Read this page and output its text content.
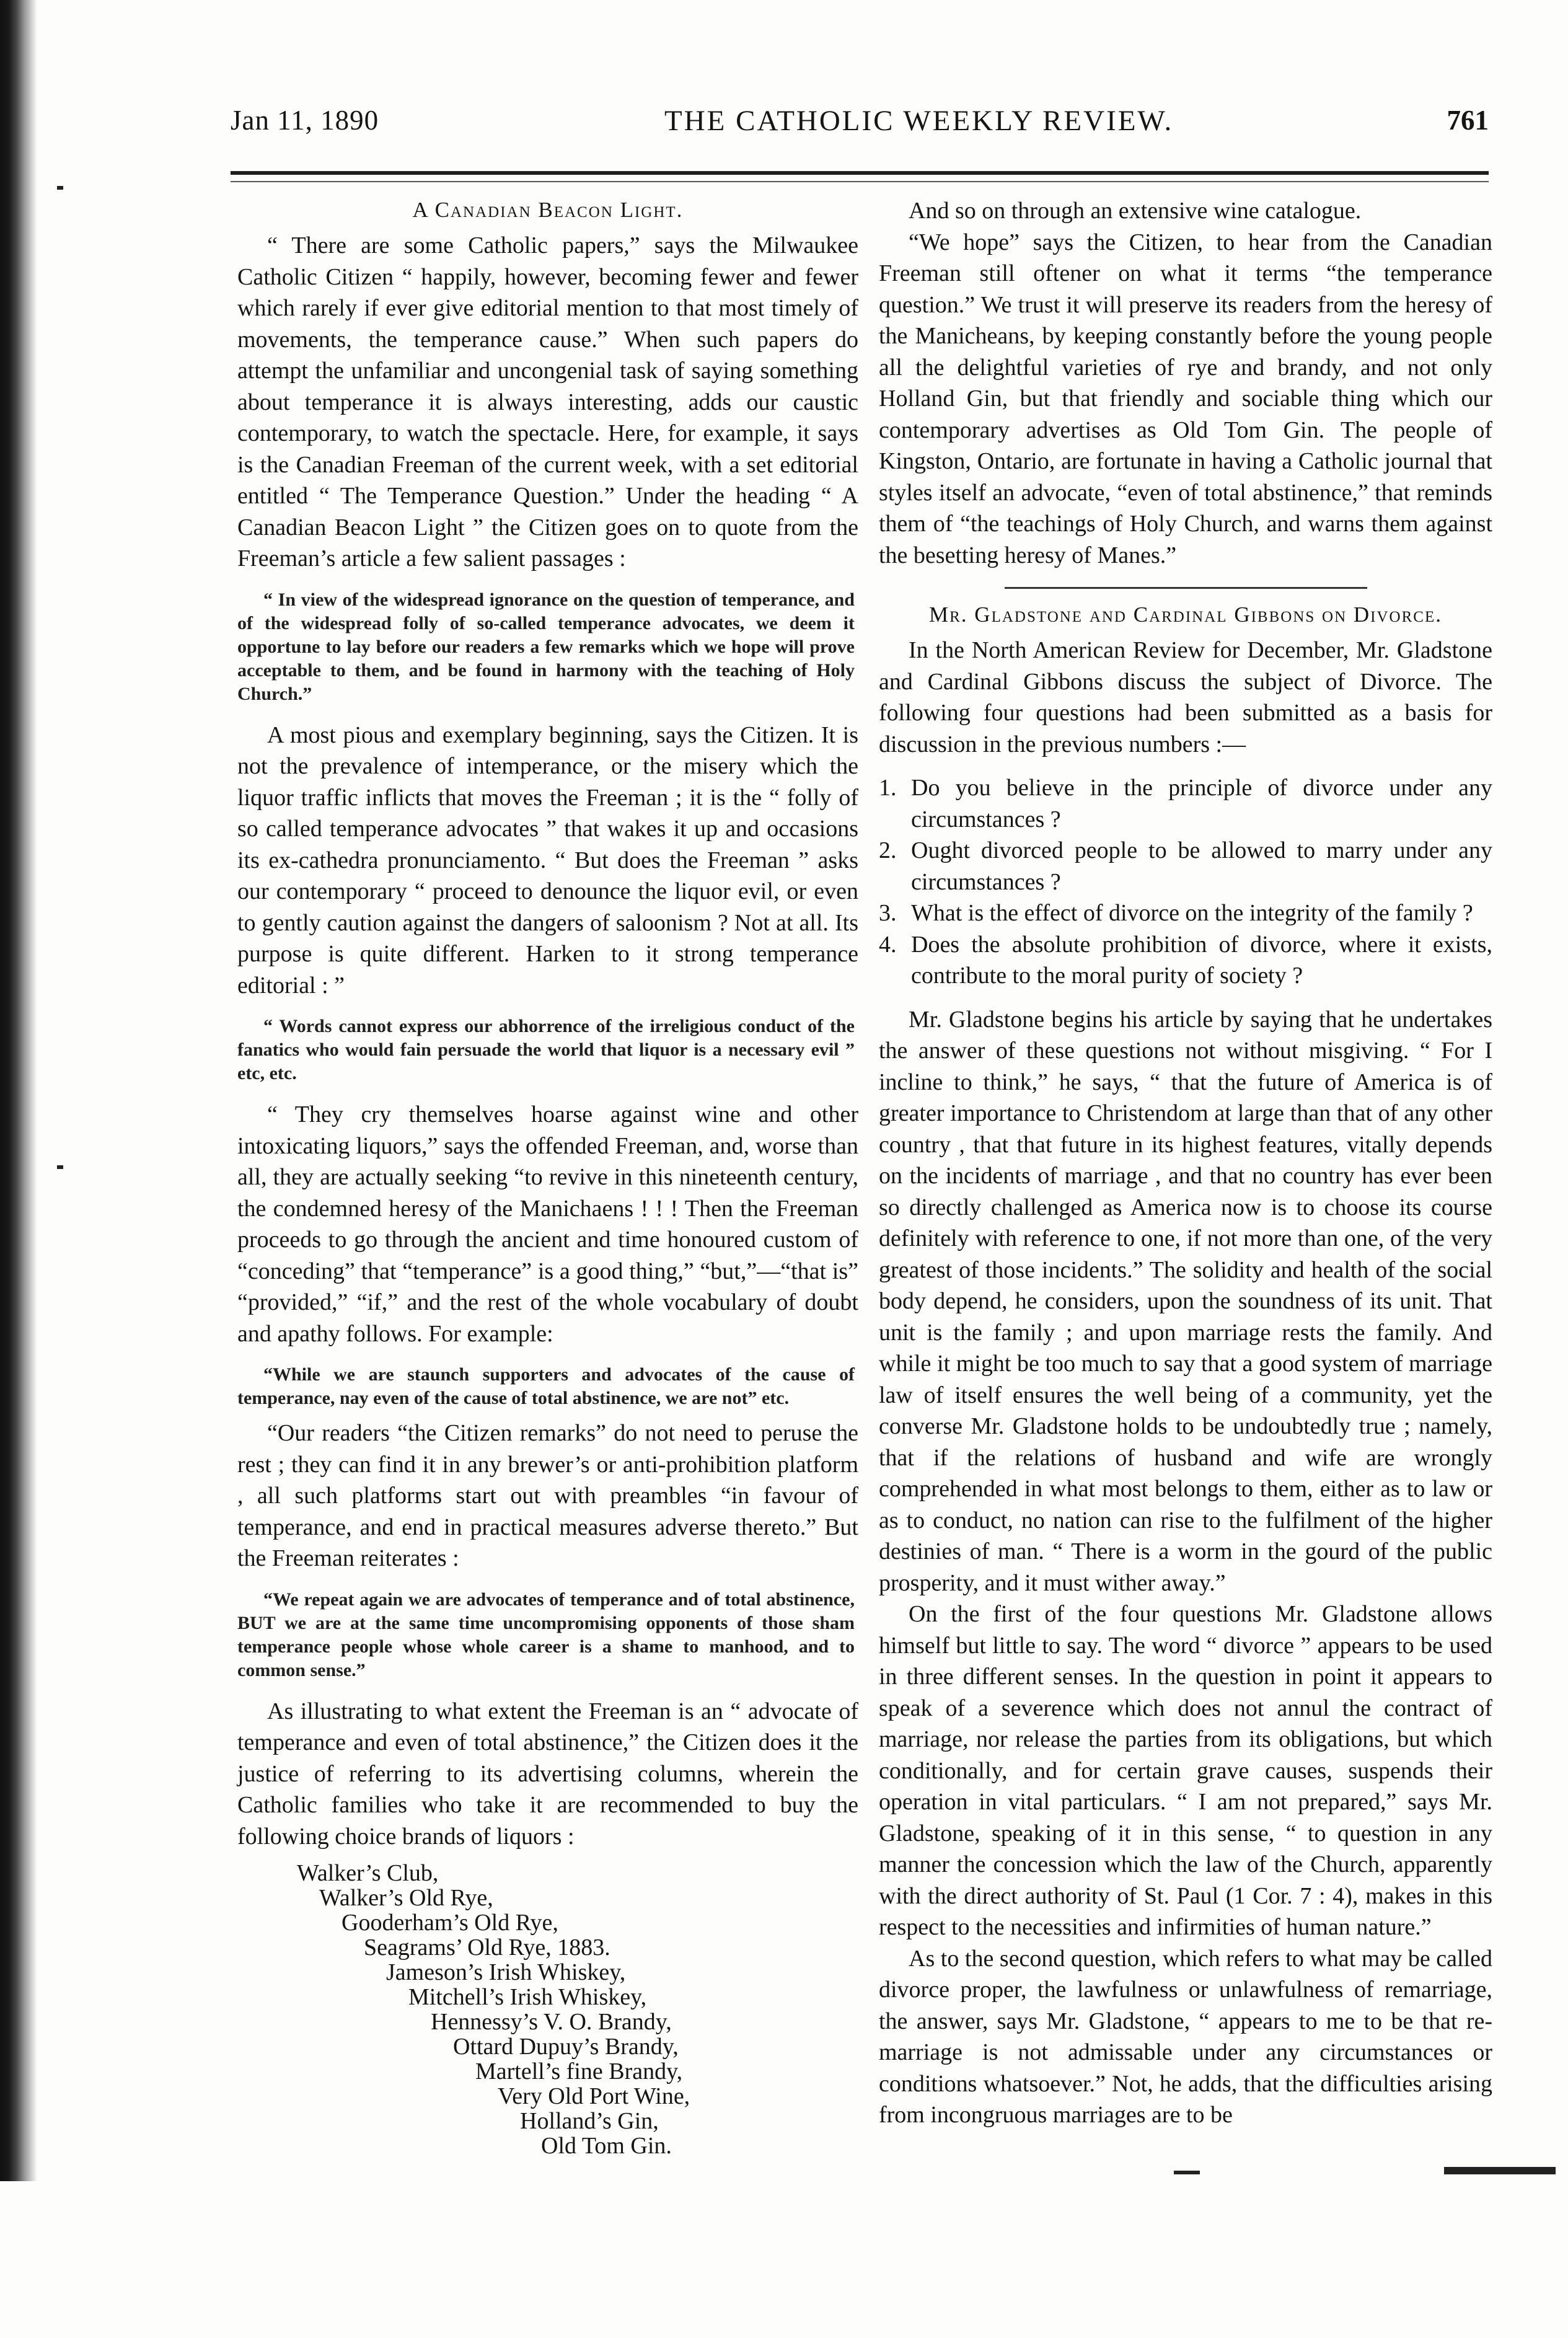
Jan 11, 1890	THE CATHOLIC WEEKLY REVIEW.	761

A Canadian Beacon Light.

“ There are some Catholic papers,” says the Milwaukee Catholic Citizen “ happily, however, becoming fewer and fewer which rarely if ever give editorial mention to that most timely of movements, the temperance cause.” When such papers do attempt the unfamiliar and uncongenial task of saying something about temperance it is always interesting, adds our caustic contemporary, to watch the spectacle. Here, for example, it says is the Canadian Freeman of the current week, with a set editorial entitled “ The Temperance Question.” Under the heading “ A Canadian Beacon Light ” the Citizen goes on to quote from the Freeman’s article a few salient passages :

“ In view of the widespread ignorance on the question of temperance, and of the widespread folly of so-called temperance advocates, we deem it opportune to lay before our readers a few remarks which we hope will prove acceptable to them, and be found in harmony with the teaching of Holy Church.”

A most pious and exemplary beginning, says the Citizen. It is not the prevalence of intemperance, or the misery which the liquor traffic inflicts that moves the Freeman ; it is the “ folly of so called temperance advocates ” that wakes it up and occasions its ex-cathedra pronunciamento. “ But does the Freeman ” asks our contemporary “ proceed to denounce the liquor evil, or even to gently caution against the dangers of saloonism ? Not at all. Its purpose is quite different. Harken to it strong temperance editorial : ”

“ Words cannot express our abhorrence of the irreligious conduct of the fanatics who would fain persuade the world that liquor is a necessary evil ” etc, etc.

“ They cry themselves hoarse against wine and other intoxicating liquors,” says the offended Freeman, and, worse than all, they are actually seeking “to revive in this nineteenth century, the condemned heresy of the Manichaens ! ! ! Then the Freeman proceeds to go through the ancient and time honoured custom of “conceding” that “temperance” is a good thing,” “but,”—“that is” “provided,” “if,” and the rest of the whole vocabulary of doubt and apathy follows. For example:

“While we are staunch supporters and advocates of the cause of temperance, nay even of the cause of total abstinence, we are not” etc.

“Our readers “the Citizen remarks” do not need to peruse the rest ; they can find it in any brewer’s or anti-prohibition platform , all such platforms start out with preambles “in favour of temperance, and end in practical measures adverse thereto.” But the Freeman reiterates :

“We repeat again we are advocates of temperance and of total abstinence, BUT we are at the same time uncompromising opponents of those sham temperance people whose whole career is a shame to manhood, and to common sense.”

As illustrating to what extent the Freeman is an “ advocate of temperance and even of total abstinence,” the Citizen does it the justice of referring to its advertising columns, wherein the Catholic families who take it are recommended to buy the following choice brands of liquors :

Walker’s Club,
Walker’s Old Rye,
Gooderham’s Old Rye,
Seagrams’ Old Rye, 1883.
Jameson’s Irish Whiskey,
Mitchell’s Irish Whiskey,
Hennessy’s V. O. Brandy,
Ottard Dupuy’s Brandy,
Martell’s fine Brandy,
Very Old Port Wine,
Holland’s Gin,
Old Tom Gin.

And so on through an extensive wine catalogue.

“We hope” says the Citizen, to hear from the Canadian Freeman still oftener on what it terms “the temperance question.” We trust it will preserve its readers from the heresy of the Manicheans, by keeping constantly before the young people all the delightful varieties of rye and brandy, and not only Holland Gin, but that friendly and sociable thing which our contemporary advertises as Old Tom Gin. The people of Kingston, Ontario, are fortunate in having a Catholic journal that styles itself an advocate, “even of total abstinence,” that reminds them of “the teachings of Holy Church, and warns them against the besetting heresy of Manes.”

Mr. Gladstone and Cardinal Gibbons on Divorce.

In the North American Review for December, Mr. Gladstone and Cardinal Gibbons discuss the subject of Divorce. The following four questions had been submitted as a basis for discussion in the previous numbers :—

1. Do you believe in the principle of divorce under any circumstances ?
2. Ought divorced people to be allowed to marry under any circumstances ?
3. What is the effect of divorce on the integrity of the family ?
4. Does the absolute prohibition of divorce, where it exists, contribute to the moral purity of society ?

Mr. Gladstone begins his article by saying that he undertakes the answer of these questions not without misgiving. “ For I incline to think,” he says, “ that the future of America is of greater importance to Christendom at large than that of any other country , that that future in its highest features, vitally depends on the incidents of marriage , and that no country has ever been so directly challenged as America now is to choose its course definitely with reference to one, if not more than one, of the very greatest of those incidents.” The solidity and health of the social body depend, he considers, upon the soundness of its unit. That unit is the family ; and upon marriage rests the family. And while it might be too much to say that a good system of marriage law of itself ensures the well being of a community, yet the converse Mr. Gladstone holds to be undoubtedly true ; namely, that if the relations of husband and wife are wrongly comprehended in what most belongs to them, either as to law or as to conduct, no nation can rise to the fulfilment of the higher destinies of man. “ There is a worm in the gourd of the public prosperity, and it must wither away.”

On the first of the four questions Mr. Gladstone allows himself but little to say. The word “ divorce ” appears to be used in three different senses. In the question in point it appears to speak of a severence which does not annul the contract of marriage, nor release the parties from its obligations, but which conditionally, and for certain grave causes, suspends their operation in vital particulars. “ I am not prepared,” says Mr. Gladstone, speaking of it in this sense, “ to question in any manner the concession which the law of the Church, apparently with the direct authority of St. Paul (1 Cor. 7 : 4), makes in this respect to the necessities and infirmities of human nature.”

As to the second question, which refers to what may be called divorce proper, the lawfulness or unlawfulness of remarriage, the answer, says Mr. Gladstone, “ appears to me to be that re-marriage is not admissable under any circumstances or conditions whatsoever.” Not, he adds, that the difficulties arising from incongruous marriages are to be
